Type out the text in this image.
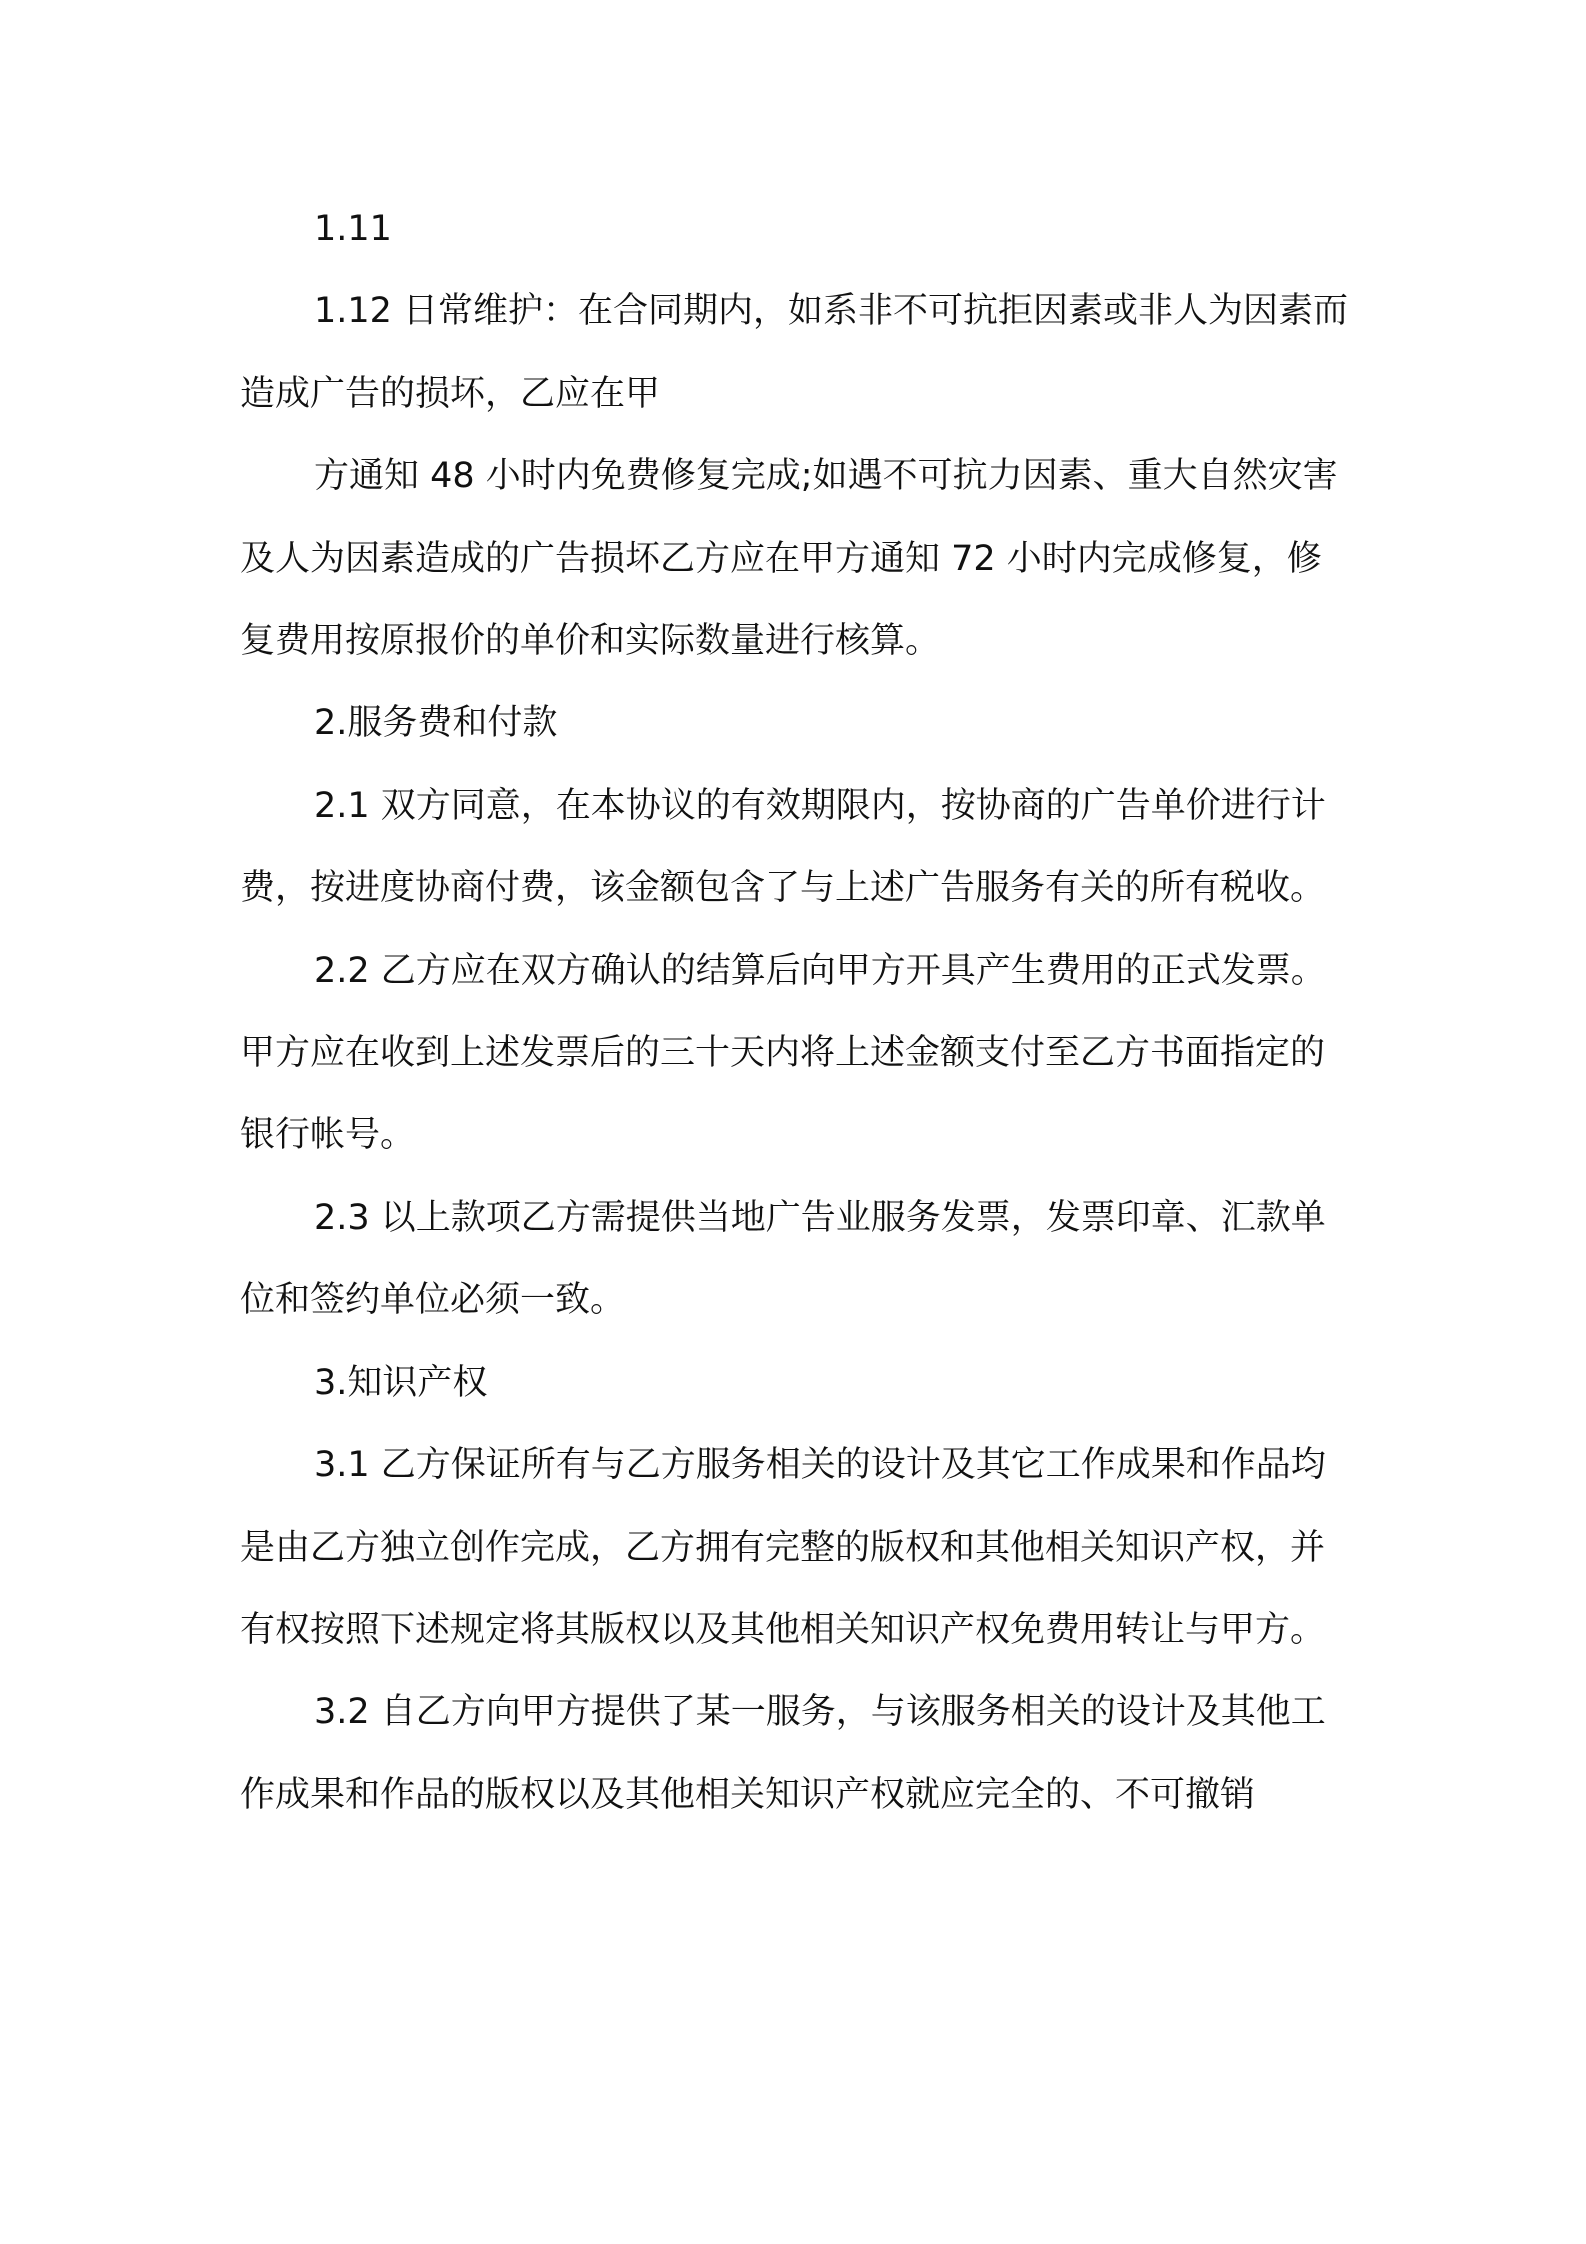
1.11

1.12 日常维护：在合同期内，如系非不可抗拒因素或非人为因素而造成广告的损坏，乙应在甲

方通知 48 小时内免费修复完成;如遇不可抗力因素、重大自然灾害及人为因素造成的广告损坏乙方应在甲方通知 72 小时内完成修复，修复费用按原报价的单价和实际数量进行核算。

2.服务费和付款

2.1 双方同意，在本协议的有效期限内，按协商的广告单价进行计费，按进度协商付费，该金额包含了与上述广告服务有关的所有税收。

2.2 乙方应在双方确认的结算后向甲方开具产生费用的正式发票。甲方应在收到上述发票后的三十天内将上述金额支付至乙方书面指定的银行帐号。

2.3 以上款项乙方需提供当地广告业服务发票，发票印章、汇款单位和签约单位必须一致。

3.知识产权

3.1 乙方保证所有与乙方服务相关的设计及其它工作成果和作品均是由乙方独立创作完成，乙方拥有完整的版权和其他相关知识产权，并有权按照下述规定将其版权以及其他相关知识产权免费用转让与甲方。

3.2 自乙方向甲方提供了某一服务，与该服务相关的设计及其他工作成果和作品的版权以及其他相关知识产权就应完全的、不可撤销
